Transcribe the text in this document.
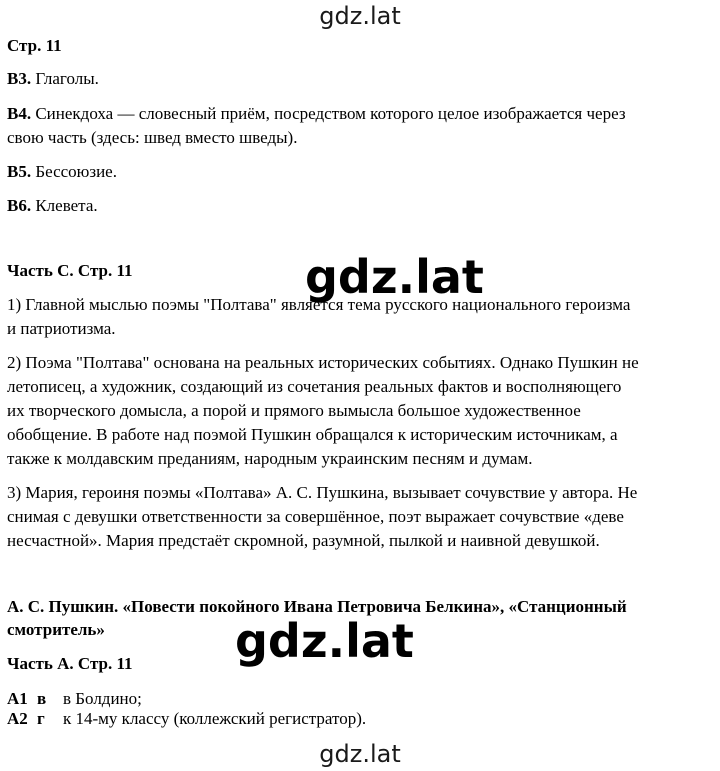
gdz.lat
Стр. 11
В3. Глаголы.
В4. Синекдоха — словесный приём, посредством которого целое изображается через
свою часть (здесь: швед вместо шведы).
В5. Бессоюзие.
В6. Клевета.
Часть С. Стр. 11
1) Главной мыслью поэмы "Полтава" является тема русского национального героизма
и патриотизма.
2) Поэма "Полтава" основана на реальных исторических событиях. Однако Пушкин не
летописец, а художник, создающий из сочетания реальных фактов и восполняющего
их творческого домысла, а порой и прямого вымысла большое художественное
обобщение. В работе над поэмой Пушкин обращался к историческим источникам, а
также к молдавским преданиям, народным украинским песням и думам.
3) Мария, героиня поэмы «Полтава» А. С. Пушкина, вызывает сочувствие у автора. Не
снимая с девушки ответственности за совершённое, поэт выражает сочувствие «деве
несчастной». Мария предстаёт скромной, разумной, пылкой и наивной девушкой.
А. С. Пушкин. «Повести покойного Ивана Петровича Белкина», «Станционный
смотритель»
Часть А. Стр. 11
А1 в в Болдино;
А2 г к 14-му классу (коллежский регистратор).
gdz.lat
gdz.lat
gdz.lat
